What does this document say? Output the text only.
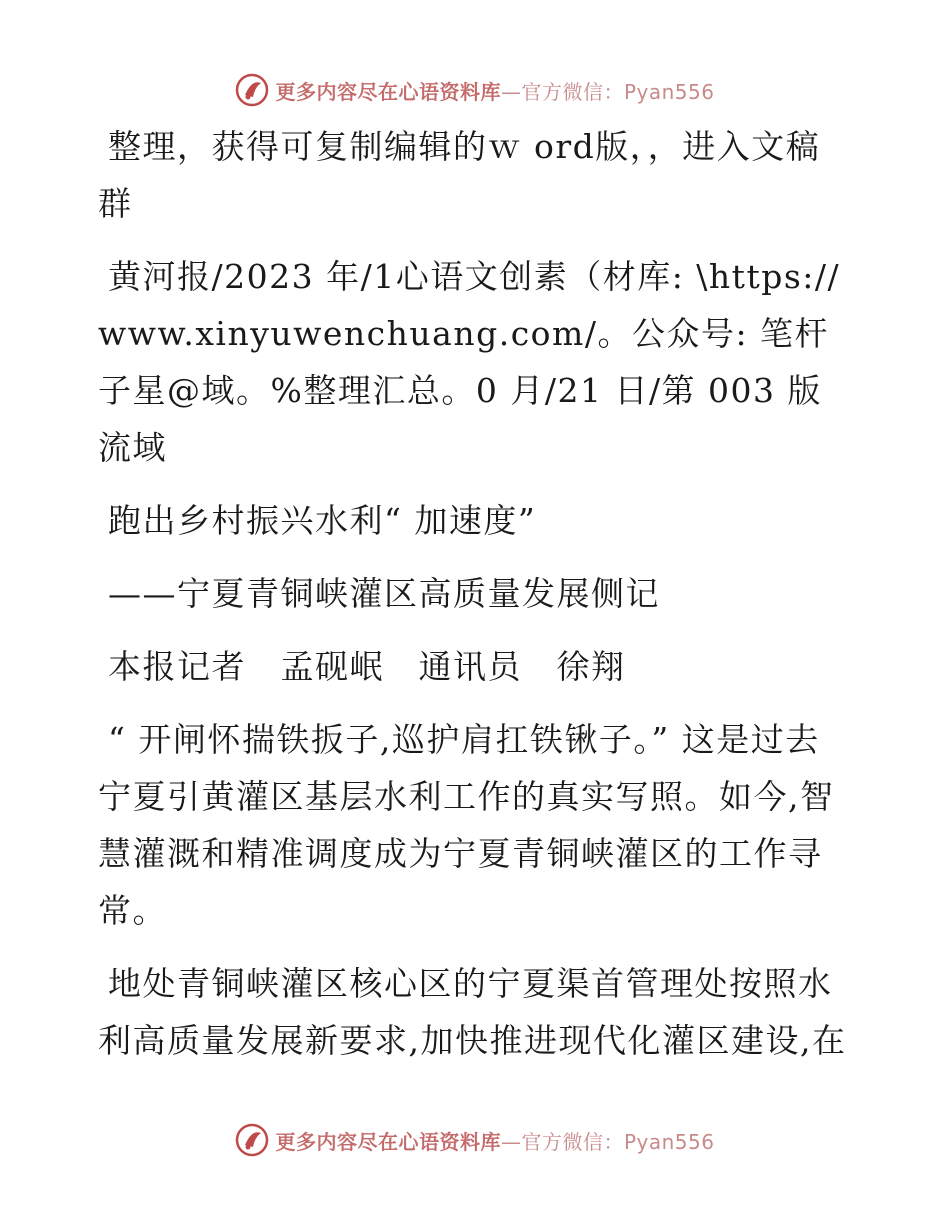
更多内容尽在心语资料库—官方微信：Pyan556

整理，获得可复制编辑的ｗ ord版，，进入文稿群

黄河报/2023 年/1心语文创素（材库: \https://www.xinyuwenchuang.com/。公众号: 笔杆子星@域。%整理汇总。0 月/21 日/第 003 版流域

跑出乡村振兴水利“ 加速度”

——宁夏青铜峡灌区高质量发展侧记

本报记者　孟砚岷　通讯员　徐翔

“ 开闸怀揣铁扳子,巡护肩扛铁锹子。” 这是过去宁夏引黄灌区基层水利工作的真实写照。如今,智慧灌溉和精准调度成为宁夏青铜峡灌区的工作寻常。

地处青铜峡灌区核心区的宁夏渠首管理处按照水利高质量发展新要求,加快推进现代化灌区建设,在

更多内容尽在心语资料库—官方微信：Pyan556
